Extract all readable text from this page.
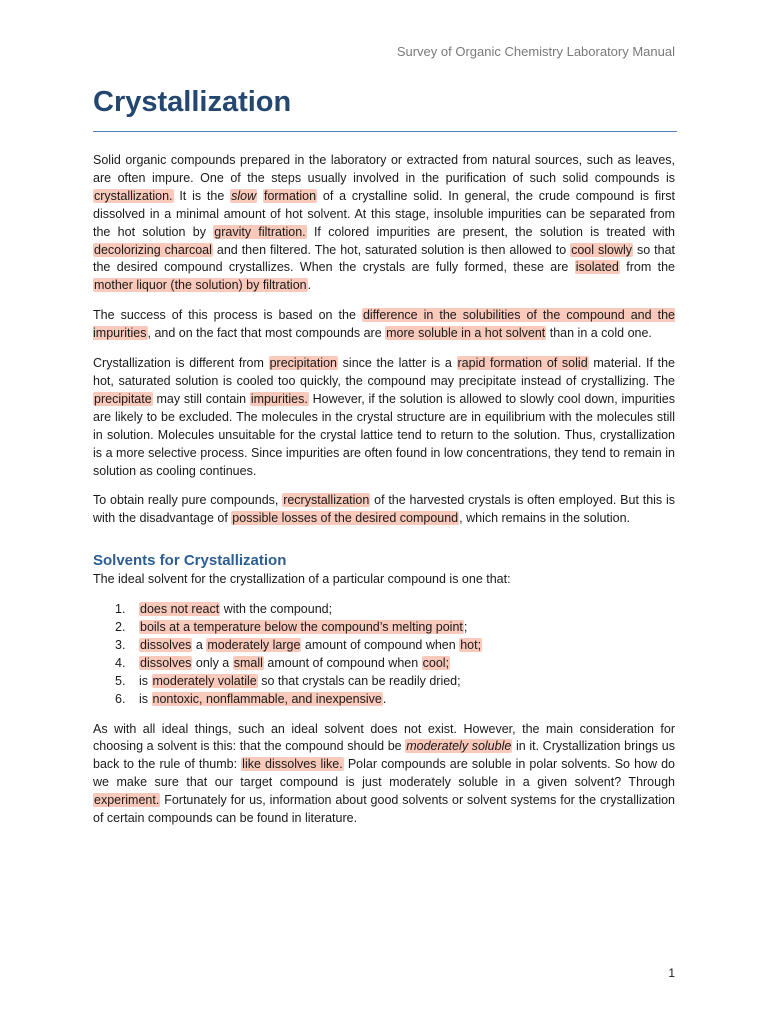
Survey of Organic Chemistry Laboratory Manual
Crystallization

Solid organic compounds prepared in the laboratory or extracted from natural sources, such as leaves, are often impure. One of the steps usually involved in the purification of such solid compounds is crystallization. It is the slow formation of a crystalline solid. In general, the crude compound is first dissolved in a minimal amount of hot solvent. At this stage, insoluble impurities can be separated from the hot solution by gravity filtration. If colored impurities are present, the solution is treated with decolorizing charcoal and then filtered. The hot, saturated solution is then allowed to cool slowly so that the desired compound crystallizes. When the crystals are fully formed, these are isolated from the mother liquor (the solution) by filtration.

The success of this process is based on the difference in the solubilities of the compound and the impurities, and on the fact that most compounds are more soluble in a hot solvent than in a cold one.

Crystallization is different from precipitation since the latter is a rapid formation of solid material. If the hot, saturated solution is cooled too quickly, the compound may precipitate instead of crystallizing. The precipitate may still contain impurities. However, if the solution is allowed to slowly cool down, impurities are likely to be excluded. The molecules in the crystal structure are in equilibrium with the molecules still in solution. Molecules unsuitable for the crystal lattice tend to return to the solution. Thus, crystallization is a more selective process. Since impurities are often found in low concentrations, they tend to remain in solution as cooling continues.

To obtain really pure compounds, recrystallization of the harvested crystals is often employed. But this is with the disadvantage of possible losses of the desired compound, which remains in the solution.

Solvents for Crystallization

The ideal solvent for the crystallization of a particular compound is one that:

1. does not react with the compound;
2. boils at a temperature below the compound’s melting point;
3. dissolves a moderately large amount of compound when hot;
4. dissolves only a small amount of compound when cool;
5. is moderately volatile so that crystals can be readily dried;
6. is nontoxic, nonflammable, and inexpensive.

As with all ideal things, such an ideal solvent does not exist. However, the main consideration for choosing a solvent is this: that the compound should be moderately soluble in it. Crystallization brings us back to the rule of thumb: like dissolves like. Polar compounds are soluble in polar solvents. So how do we make sure that our target compound is just moderately soluble in a given solvent? Through experiment. Fortunately for us, information about good solvents or solvent systems for the crystallization of certain compounds can be found in literature.

1
